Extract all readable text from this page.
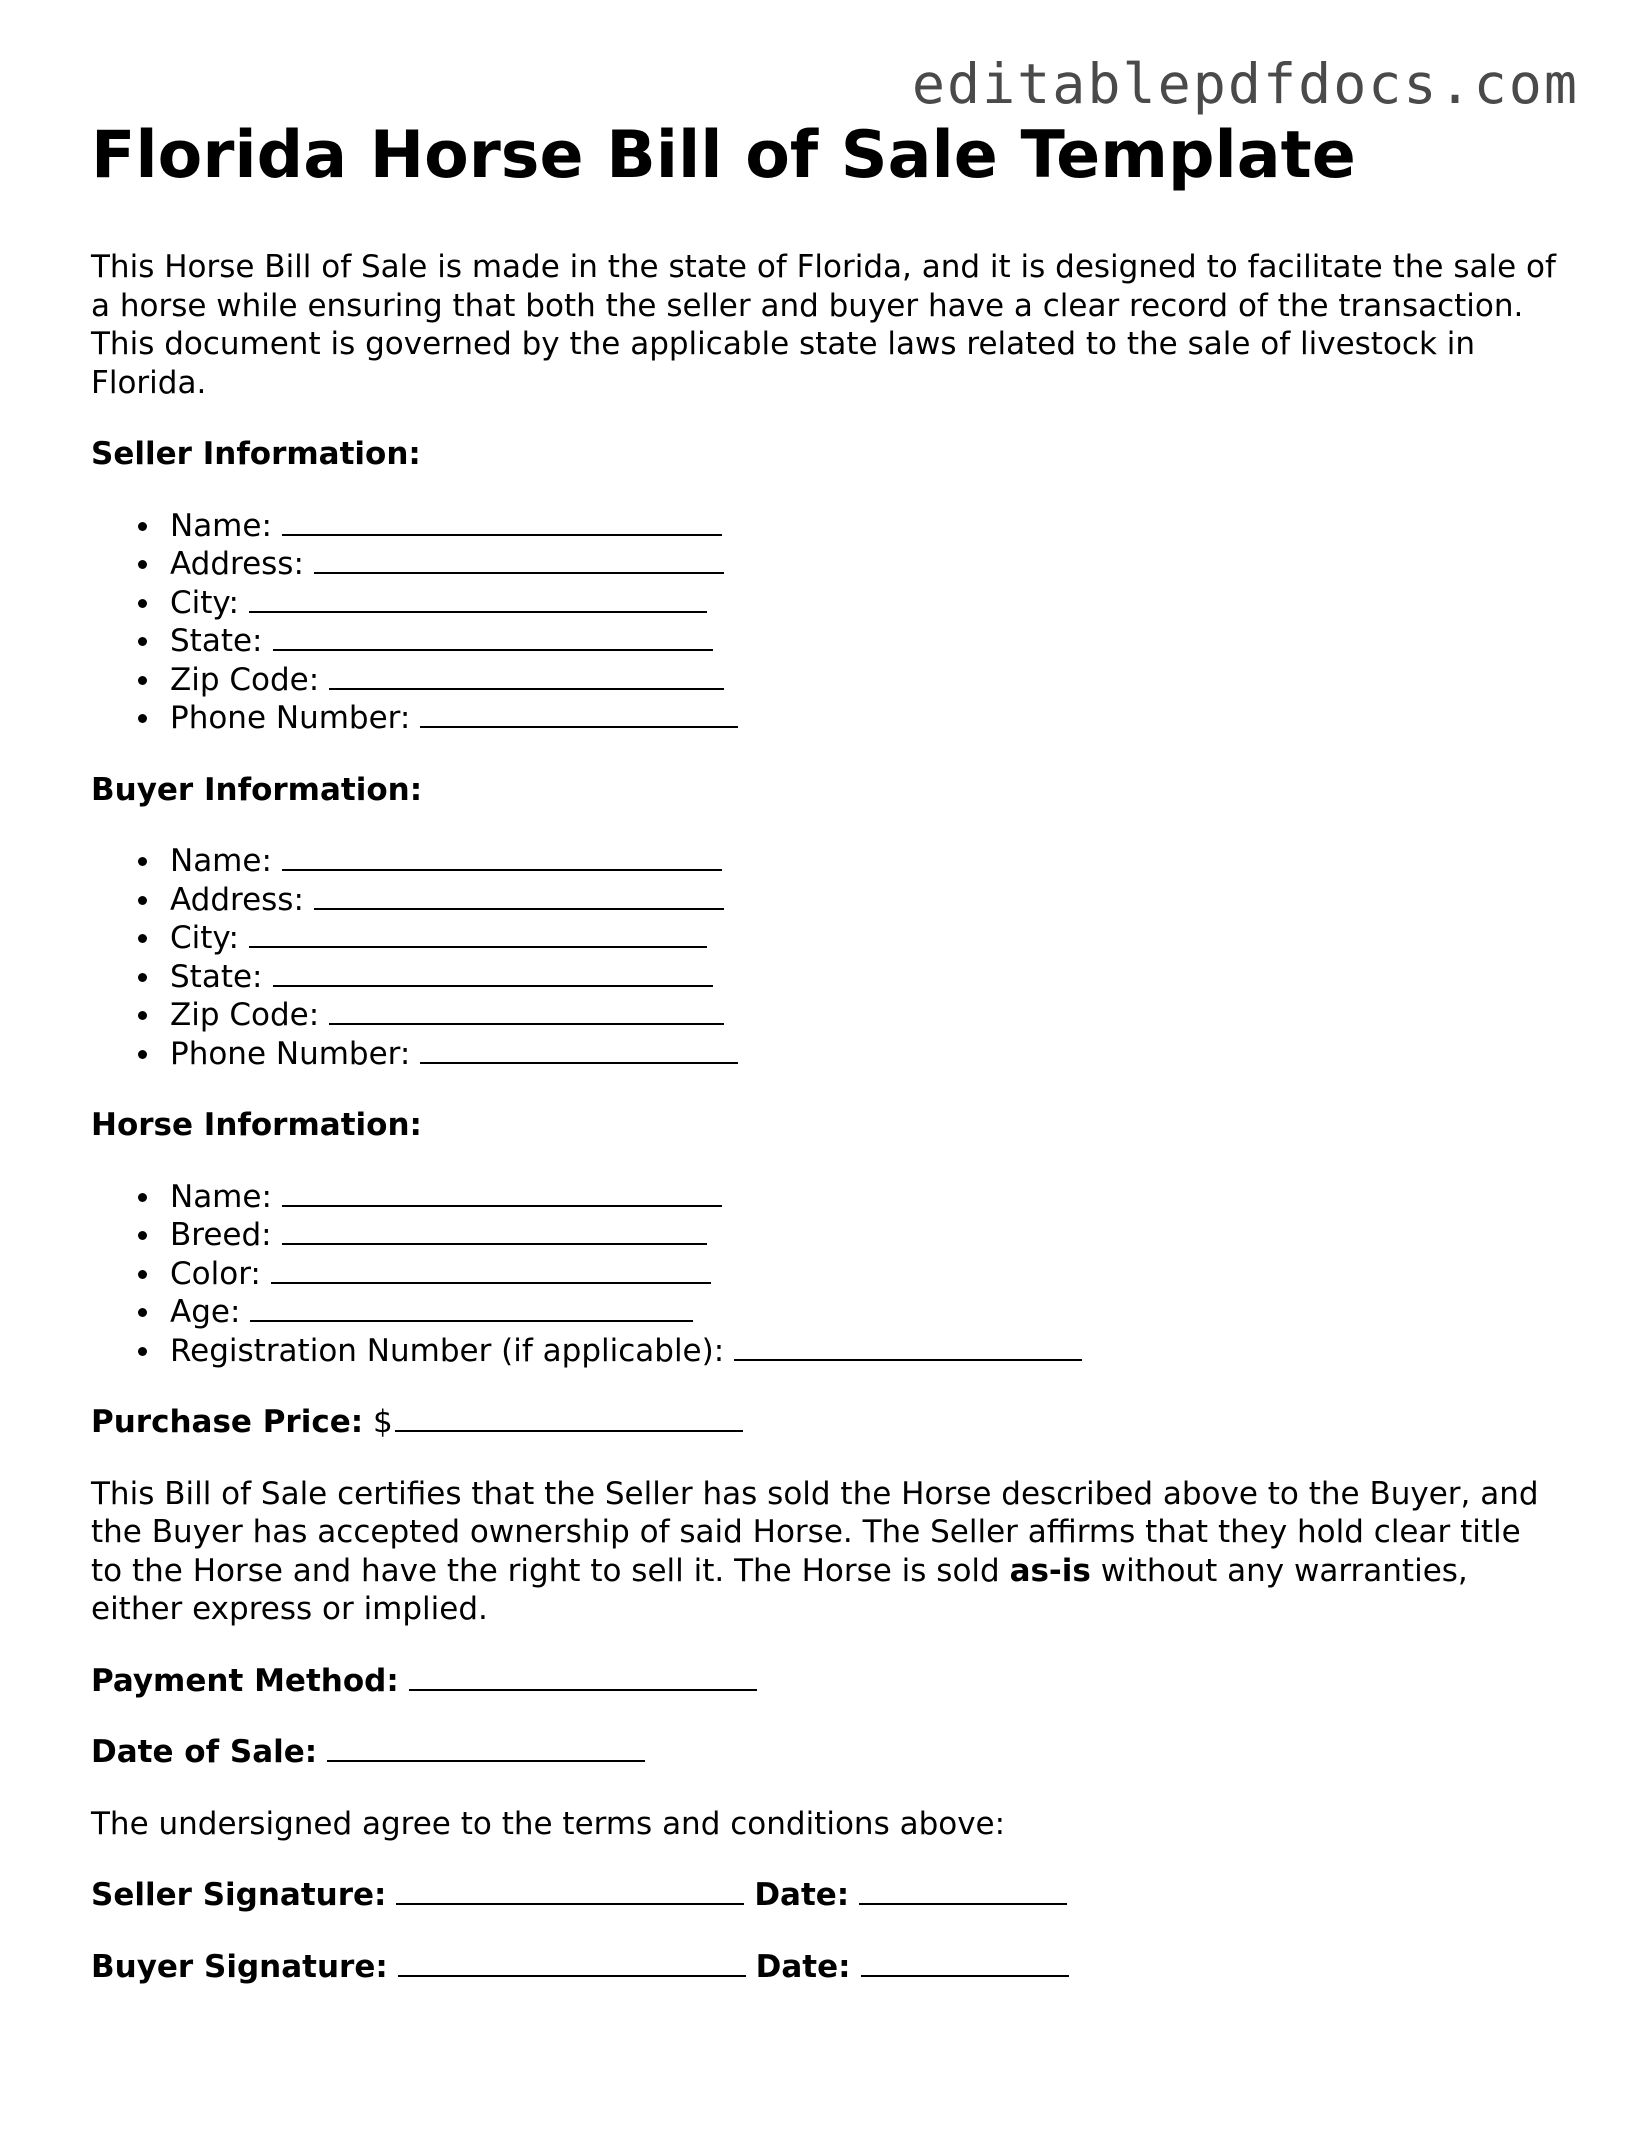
editablepdfdocs.com
Florida Horse Bill of Sale Template

This Horse Bill of Sale is made in the state of Florida, and it is designed to facilitate the sale of a horse while ensuring that both the seller and buyer have a clear record of the transaction. This document is governed by the applicable state laws related to the sale of livestock in Florida.

Seller Information:

Name:
Address:
City:
State:
Zip Code:
Phone Number:

Buyer Information:

Name:
Address:
City:
State:
Zip Code:
Phone Number:

Horse Information:

Name:
Breed:
Color:
Age:
Registration Number (if applicable):

Purchase Price: $

This Bill of Sale certifies that the Seller has sold the Horse described above to the Buyer, and the Buyer has accepted ownership of said Horse. The Seller affirms that they hold clear title to the Horse and have the right to sell it. The Horse is sold as-is without any warranties, either express or implied.

Payment Method:

Date of Sale:

The undersigned agree to the terms and conditions above:

Seller Signature:	Date:

Buyer Signature:	Date:
